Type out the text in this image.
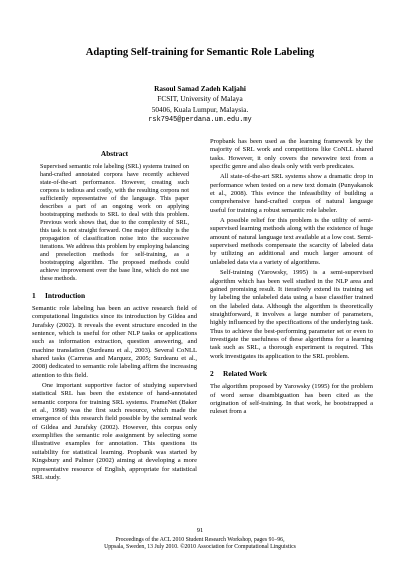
Adapting Self-training for Semantic Role Labeling
Rasoul Samad Zadeh Kaljahi
FCSIT, University of Malaya
50406, Kuala Lumpur, Malaysia.
rsk7945@perdana.um.edu.my
Abstract

Supervised semantic role labeling (SRL) systems trained on hand-crafted annotated corpora have recently achieved state-of-the-art performance. However, creating such corpora is tedious and costly, with the resulting corpora not sufficiently representative of the language. This paper describes a part of an ongoing work on applying bootstrapping methods to SRL to deal with this problem. Previous work shows that, due to the complexity of SRL, this task is not straight forward. One major difficulty is the propagation of classification noise into the successive iterations. We address this problem by employing balancing and preselection methods for self-training, as a bootstrapping algorithm. The proposed methods could achieve improvement over the base line, which do not use these methods.

1 Introduction

Semantic role labeling has been an active research field of computational linguistics since its introduction by Gildea and Jurafsky (2002). It reveals the event structure encoded in the sentence, which is useful for other NLP tasks or applications such as information extraction, question answering, and machine translation (Surdeanu et al., 2003). Several CoNLL shared tasks (Carreras and Marquez, 2005; Surdeanu et al., 2008) dedicated to semantic role labeling affirm the increasing attention to this field.

One important supportive factor of studying supervised statistical SRL has been the existence of hand-annotated semantic corpora for training SRL systems. FrameNet (Baker et al., 1998) was the first such resource, which made the emergence of this research field possible by the seminal work of Gildea and Jurafsky (2002). However, this corpus only exemplifies the semantic role assignment by selecting some illustrative examples for annotation. This questions its suitability for statistical learning. Propbank was started by Kingsbury and Palmer (2002) aiming at developing a more representative resource of English, appropriate for statistical SRL study.

Propbank has been used as the learning framework by the majority of SRL work and competitions like CoNLL shared tasks. However, it only covers the newswire text from a specific genre and also deals only with verb predicates.

All state-of-the-art SRL systems show a dramatic drop in performance when tested on a new text domain (Punyakanok et al., 2008). This evince the infeasibility of building a comprehensive hand-crafted corpus of natural language useful for training a robust semantic role labeler.

A possible relief for this problem is the utility of semi-supervised learning methods along with the existence of huge amount of natural language text available at a low cost. Semi-supervised methods compensate the scarcity of labeled data by utilizing an additional and much larger amount of unlabeled data via a variety of algorithms.

Self-training (Yarowsky, 1995) is a semi-supervised algorithm which has been well studied in the NLP area and gained promising result. It iteratively extend its training set by labeling the unlabeled data using a base classifier trained on the labeled data. Although the algorithm is theoretically straightforward, it involves a large number of parameters, highly influenced by the specifications of the underlying task. Thus to achieve the best-performing parameter set or even to investigate the usefulness of these algorithms for a learning task such as SRL, a thorough experiment is required. This work investigates its application to the SRL problem.

2 Related Work

The algorithm proposed by Yarowsky (1995) for the problem of word sense disambiguation has been cited as the origination of self-training. In that work, he bootstrapped a ruleset from a

91
Proceedings of the ACL 2010 Student Research Workshop, pages 91–96,
Uppsala, Sweden, 13 July 2010. ©2010 Association for Computational Linguistics
